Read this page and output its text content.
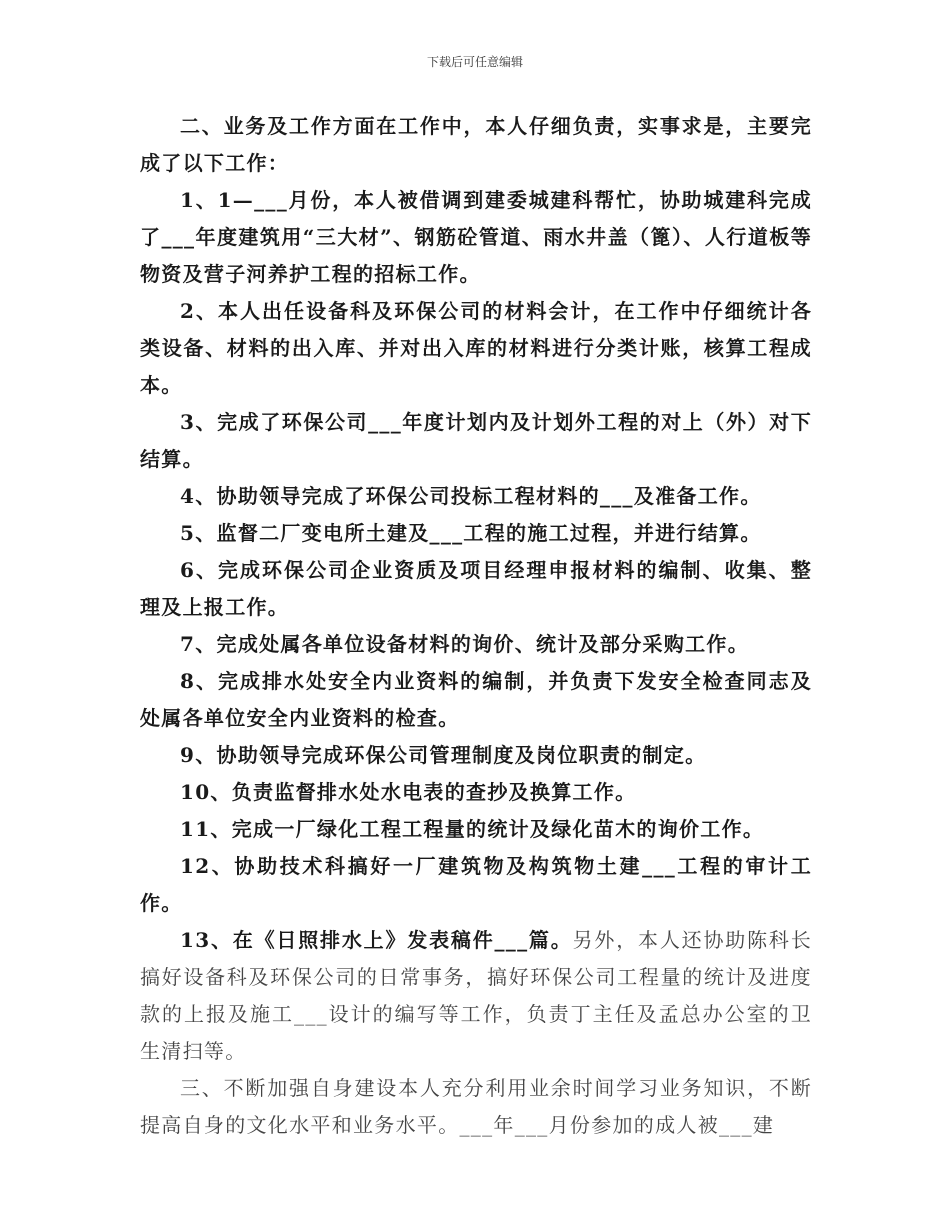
下载后可任意编辑

二、业务及工作方面在工作中，本人仔细负责，实事求是，主要完成了以下工作：

1、1—___月份，本人被借调到建委城建科帮忙，协助城建科完成了___年度建筑用“三大材”、钢筋砼管道、雨水井盖（篦）、人行道板等物资及营子河养护工程的招标工作。

2、本人出任设备科及环保公司的材料会计，在工作中仔细统计各类设备、材料的出入库、并对出入库的材料进行分类计账，核算工程成本。

3、完成了环保公司___年度计划内及计划外工程的对上（外）对下结算。

4、协助领导完成了环保公司投标工程材料的___及准备工作。

5、监督二厂变电所土建及___工程的施工过程，并进行结算。

6、完成环保公司企业资质及项目经理申报材料的编制、收集、整理及上报工作。

7、完成处属各单位设备材料的询价、统计及部分采购工作。

8、完成排水处安全内业资料的编制，并负责下发安全检查同志及处属各单位安全内业资料的检查。

9、协助领导完成环保公司管理制度及岗位职责的制定。

10、负责监督排水处水电表的查抄及换算工作。

11、完成一厂绿化工程工程量的统计及绿化苗木的询价工作。

12、协助技术科搞好一厂建筑物及构筑物土建___工程的审计工作。

13、在《日照排水上》发表稿件___篇。另外，本人还协助陈科长搞好设备科及环保公司的日常事务，搞好环保公司工程量的统计及进度款的上报及施工___设计的编写等工作，负责丁主任及孟总办公室的卫生清扫等。

三、不断加强自身建设本人充分利用业余时间学习业务知识，不断提高自身的文化水平和业务水平。___年___月份参加的成人被___建
